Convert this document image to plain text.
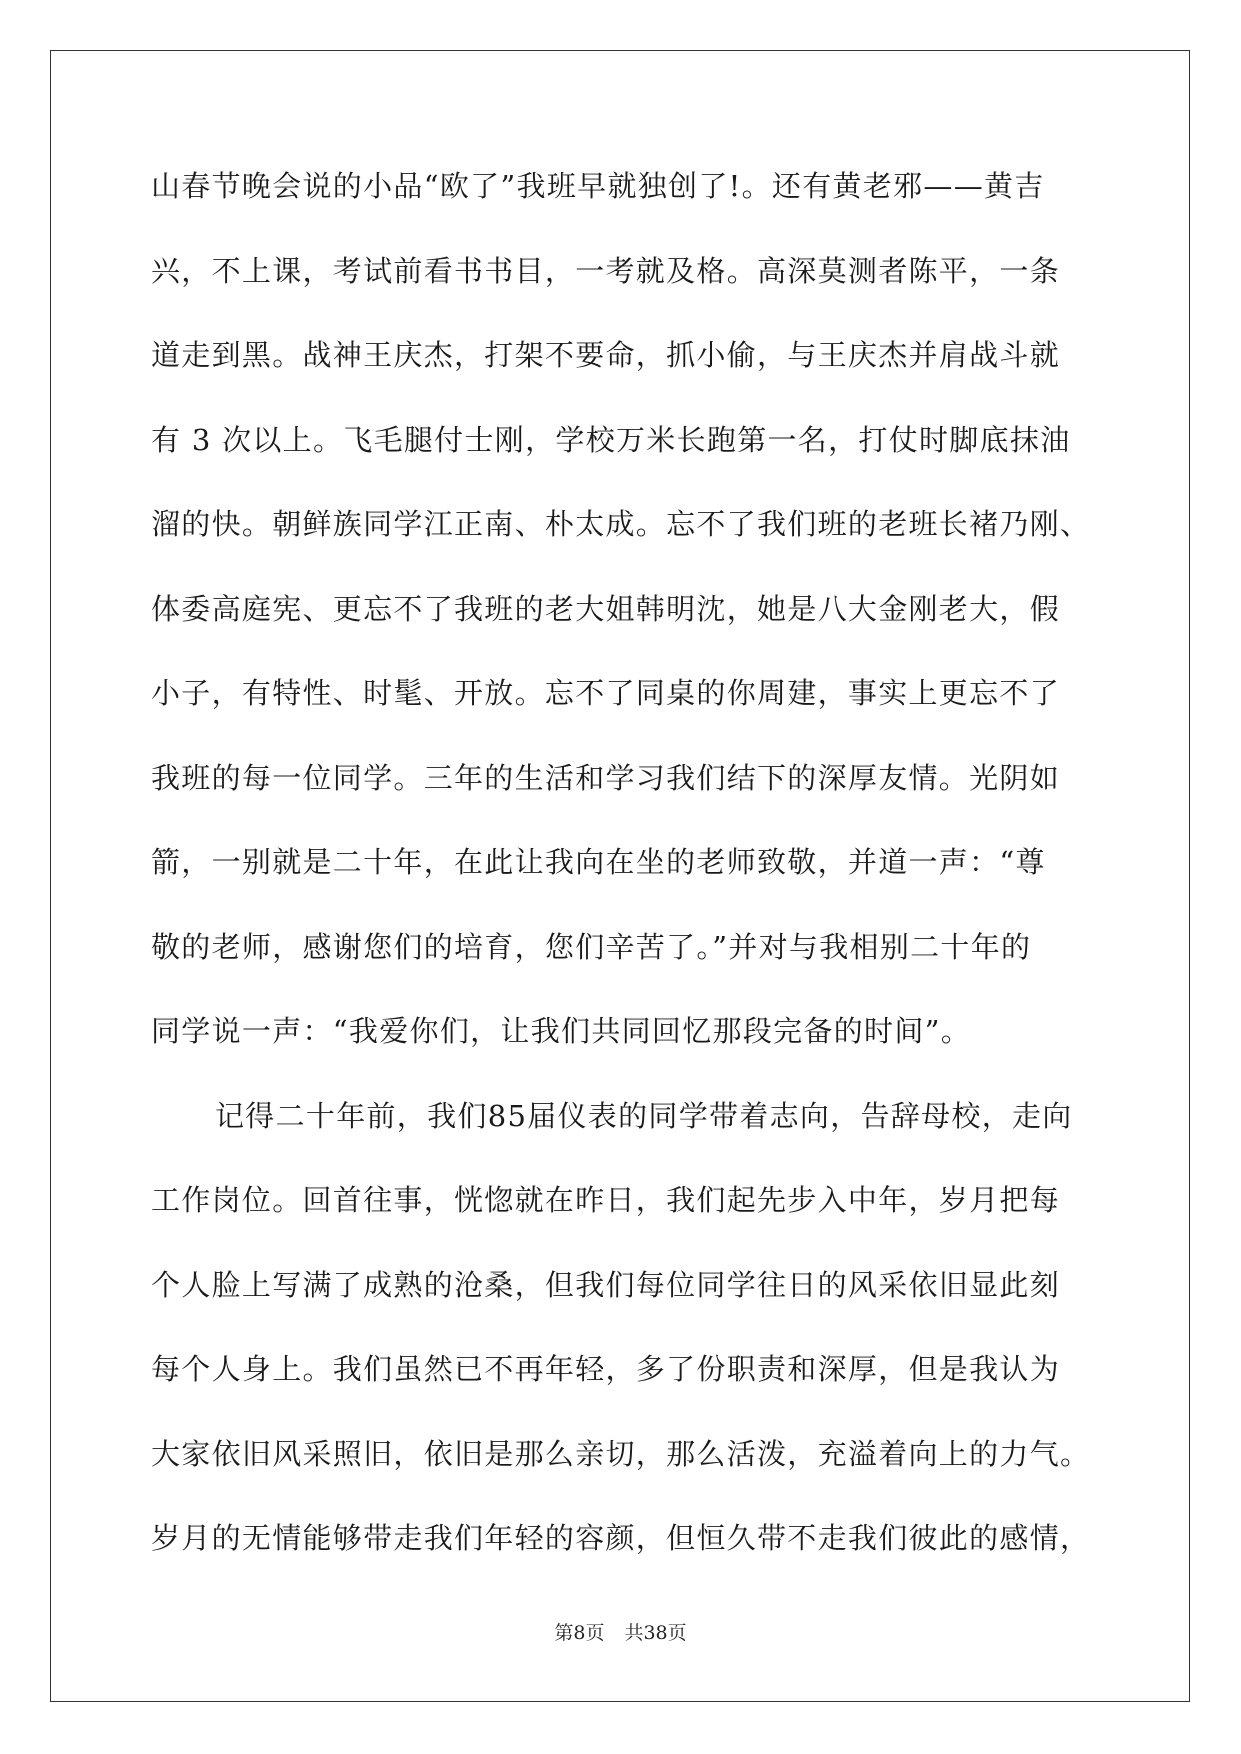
山春节晚会说的小品“欧了”我班早就独创了!。还有黄老邪——黄吉
兴，不上课，考试前看书书目，一考就及格。高深莫测者陈平，一条
道走到黑。战神王庆杰，打架不要命，抓小偷，与王庆杰并肩战斗就
有 3 次以上。飞毛腿付士刚，学校万米长跑第一名，打仗时脚底抹油
溜的快。朝鲜族同学江正南、朴太成。忘不了我们班的老班长褚乃刚、
体委高庭宪、更忘不了我班的老大姐韩明沈，她是八大金刚老大，假
小子，有特性、时髦、开放。忘不了同桌的你周建，事实上更忘不了
我班的每一位同学。三年的生活和学习我们结下的深厚友情。光阴如
箭，一别就是二十年，在此让我向在坐的老师致敬，并道一声：“尊
敬的老师，感谢您们的培育，您们辛苦了。”并对与我相别二十年的
同学说一声：“我爱你们，让我们共同回忆那段完备的时间”。
记得二十年前，我们85届仪表的同学带着志向，告辞母校，走向
工作岗位。回首往事，恍惚就在昨日，我们起先步入中年，岁月把每
个人脸上写满了成熟的沧桑，但我们每位同学往日的风采依旧显此刻
每个人身上。我们虽然已不再年轻，多了份职责和深厚，但是我认为
大家依旧风采照旧，依旧是那么亲切，那么活泼，充溢着向上的力气。
岁月的无情能够带走我们年轻的容颜，但恒久带不走我们彼此的感情，
第8页 共38页
